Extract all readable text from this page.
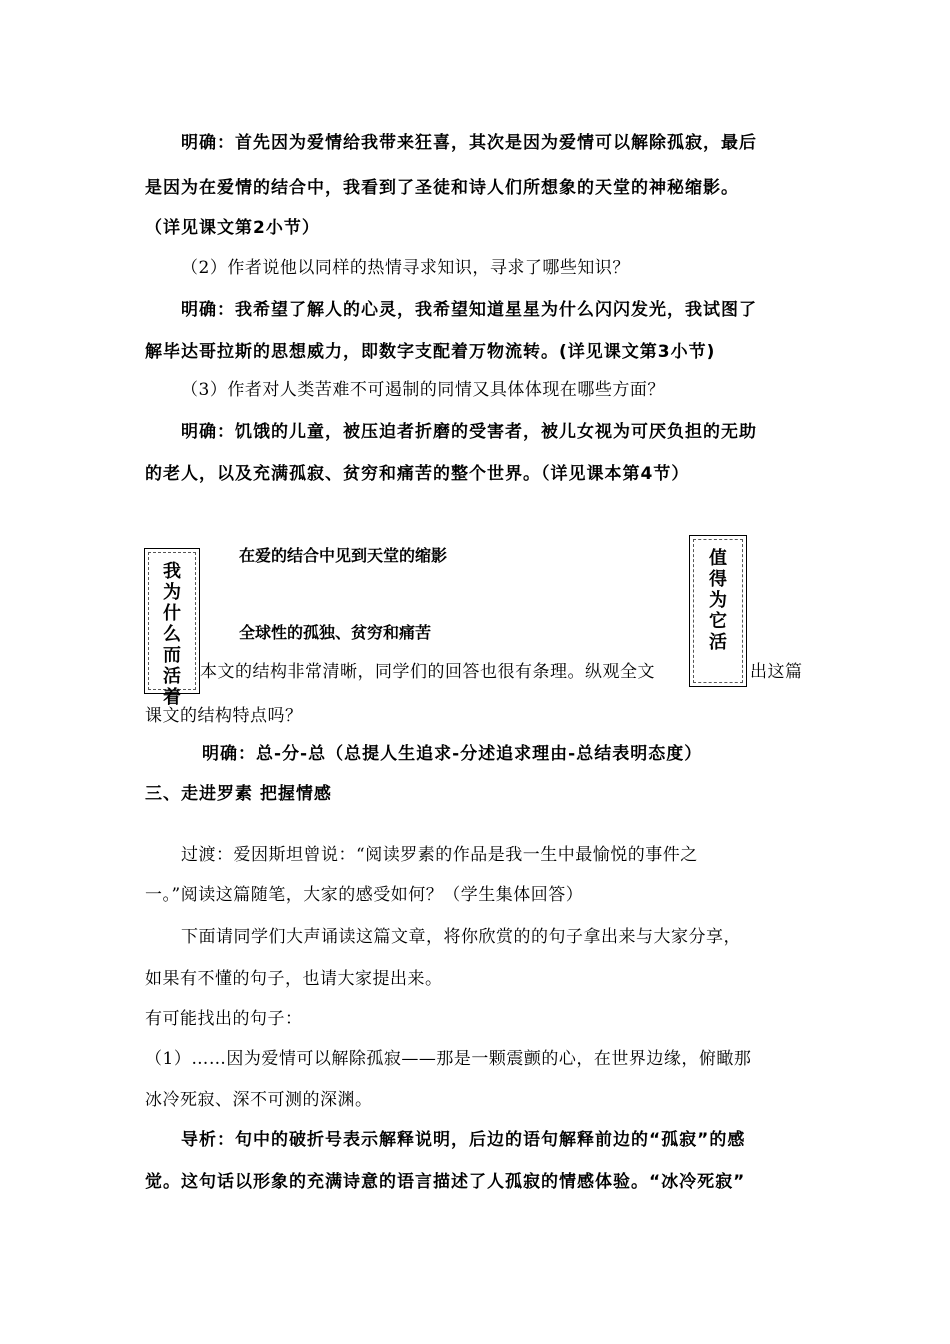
明确：首先因为爱情给我带来狂喜，其次是因为爱情可以解除孤寂，最后
是因为在爱情的结合中，我看到了圣徒和诗人们所想象的天堂的神秘缩影。
（详见课文第2小节）
（2）作者说他以同样的热情寻求知识，寻求了哪些知识？
明确：我希望了解人的心灵，我希望知道星星为什么闪闪发光，我试图了
解毕达哥拉斯的思想威力，即数字支配着万物流转。(详见课文第3小节)
（3）作者对人类苦难不可遏制的同情又具体体现在哪些方面？
明确：饥饿的儿童，被压迫者折磨的受害者，被儿女视为可厌负担的无助
的老人，以及充满孤寂、贫穷和痛苦的整个世界。（详见课本第4节）
我
为
什
么
而
活
着
值
得
为
它
活
在爱的结合中见到天堂的缩影
全球性的孤独、贫穷和痛苦
本文的结构非常清晰，同学们的回答也很有条理。纵观全文	出这篇
课文的结构特点吗？
明确：总-分-总（总提人生追求-分述追求理由-总结表明态度）
三、走进罗素 把握情感
过渡：爱因斯坦曾说：“阅读罗素的作品是我一生中最愉悦的事件之
一。”阅读这篇随笔，大家的感受如何？（学生集体回答）
下面请同学们大声诵读这篇文章，将你欣赏的的句子拿出来与大家分享，
如果有不懂的句子，也请大家提出来。
有可能找出的句子：
（1）……因为爱情可以解除孤寂——那是一颗震颤的心，在世界边缘，俯瞰那
冰冷死寂、深不可测的深渊。
导析：句中的破折号表示解释说明，后边的语句解释前边的“孤寂”的感
觉。这句话以形象的充满诗意的语言描述了人孤寂的情感体验。“冰冷死寂”
